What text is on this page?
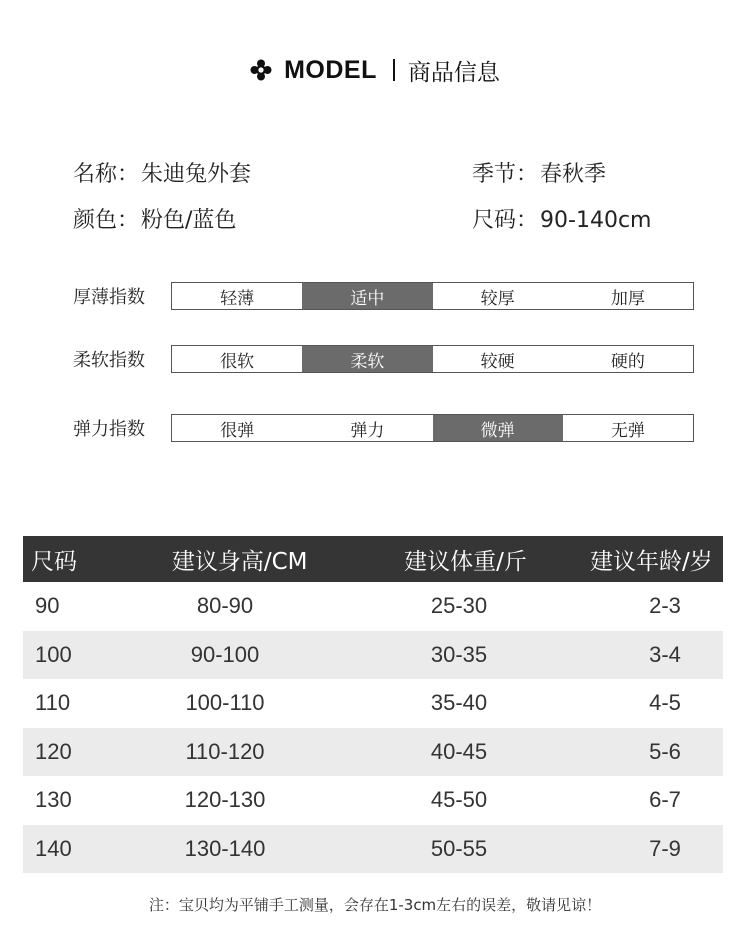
MODEL 商品信息
名称：朱迪兔外套	季节：春秋季
颜色：粉色/蓝色	尺码：90-140cm
厚薄指数	轻薄	适中	较厚	加厚
柔软指数	很软	柔软	较硬	硬的
弹力指数	很弹	弹力	微弹	无弹
尺码	建议身高/CM	建议体重/斤	建议年龄/岁
90	80-90	25-30	2-3
100	90-100	30-35	3-4
110	100-110	35-40	4-5
120	110-120	40-45	5-6
130	120-130	45-50	6-7
140	130-140	50-55	7-9
注：宝贝均为平铺手工测量，会存在1-3cm左右的误差，敬请见谅！
